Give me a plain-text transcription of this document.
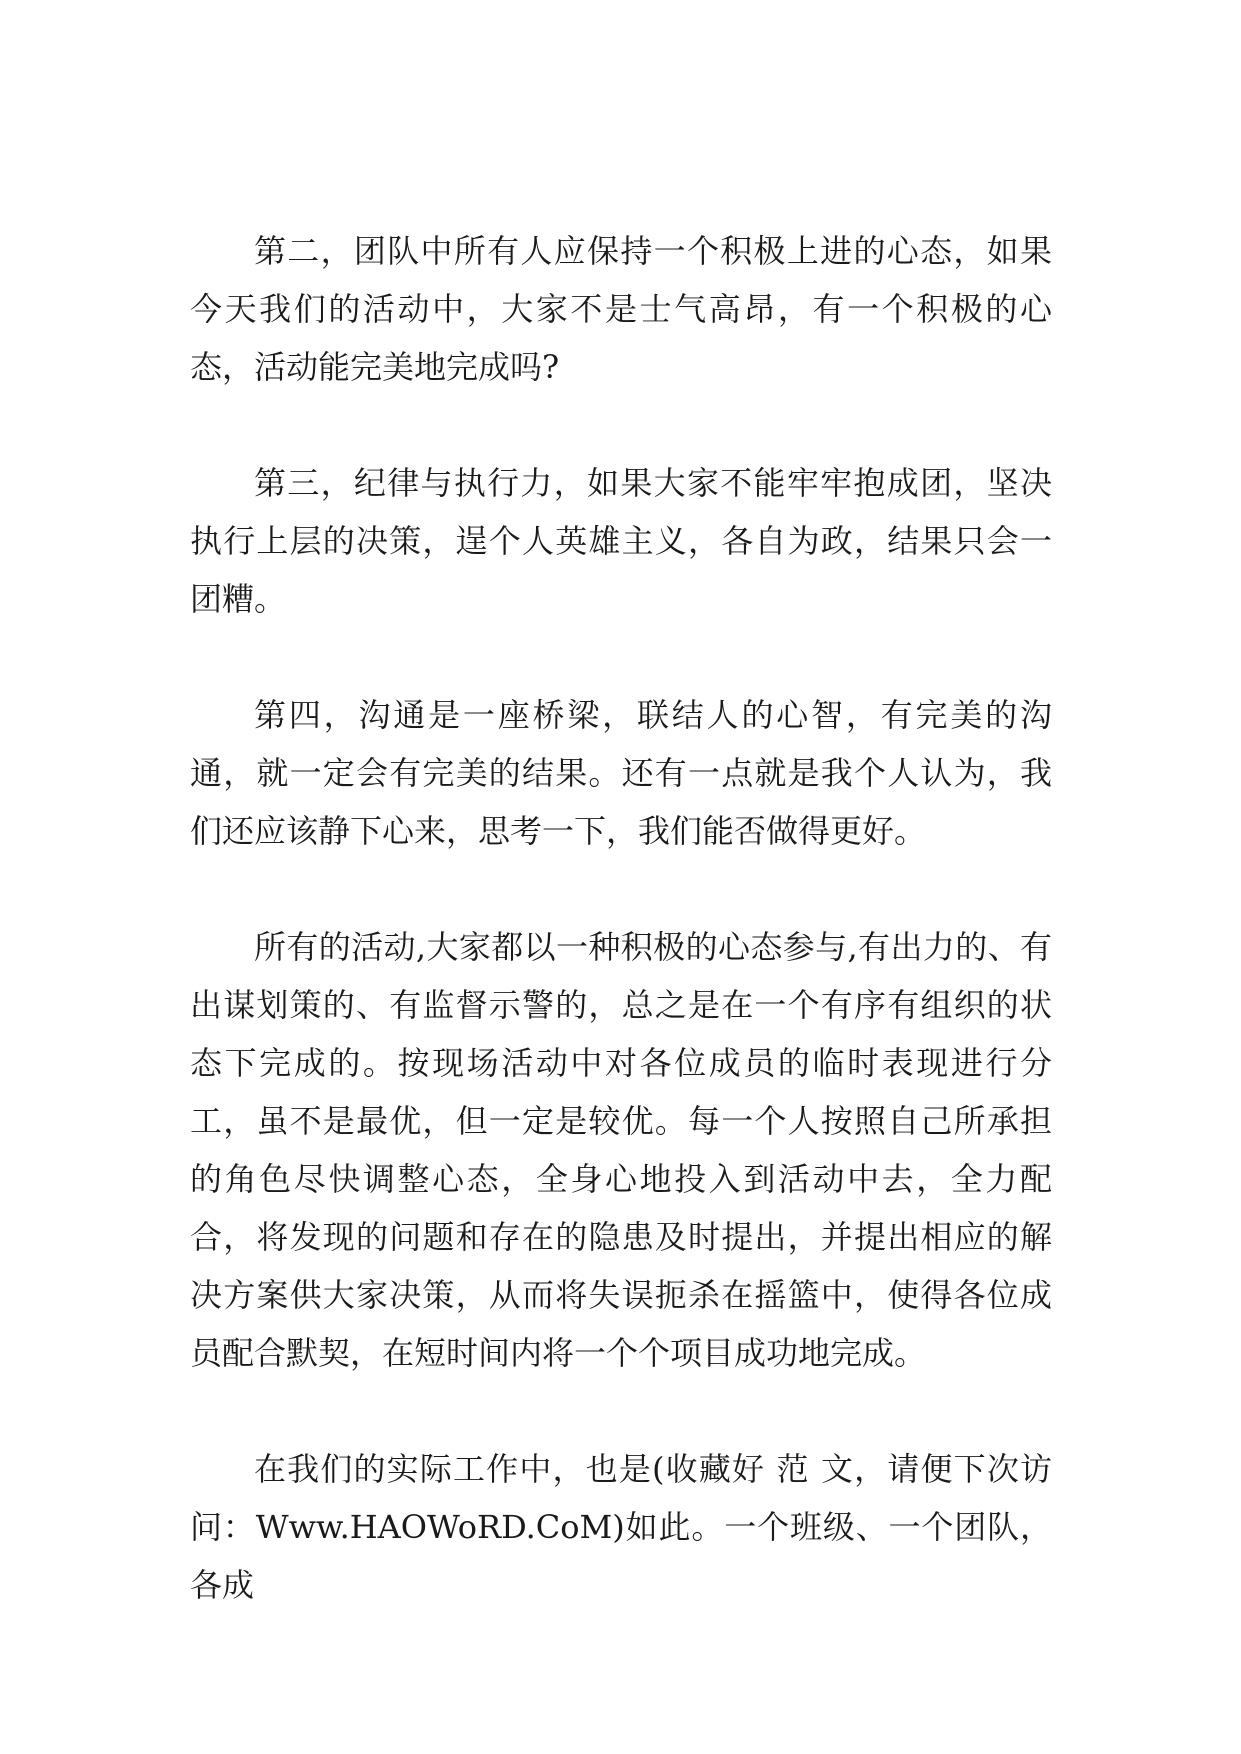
第二，团队中所有人应保持一个积极上进的心态，如果今天我们的活动中，大家不是士气高昂，有一个积极的心态，活动能完美地完成吗?

第三，纪律与执行力，如果大家不能牢牢抱成团，坚决执行上层的决策，逞个人英雄主义，各自为政，结果只会一团糟。

第四，沟通是一座桥梁，联结人的心智，有完美的沟通，就一定会有完美的结果。还有一点就是我个人认为，我们还应该静下心来，思考一下，我们能否做得更好。

所有的活动,大家都以一种积极的心态参与,有出力的、有出谋划策的、有监督示警的，总之是在一个有序有组织的状态下完成的。按现场活动中对各位成员的临时表现进行分工，虽不是最优，但一定是较优。每一个人按照自己所承担的角色尽快调整心态，全身心地投入到活动中去，全力配合，将发现的问题和存在的隐患及时提出，并提出相应的解决方案供大家决策，从而将失误扼杀在摇篮中，使得各位成员配合默契，在短时间内将一个个项目成功地完成。

在我们的实际工作中，也是(收藏好 范 文，请便下次访问：Www.HAOWoRD.CoM)如此。一个班级、一个团队，各成
